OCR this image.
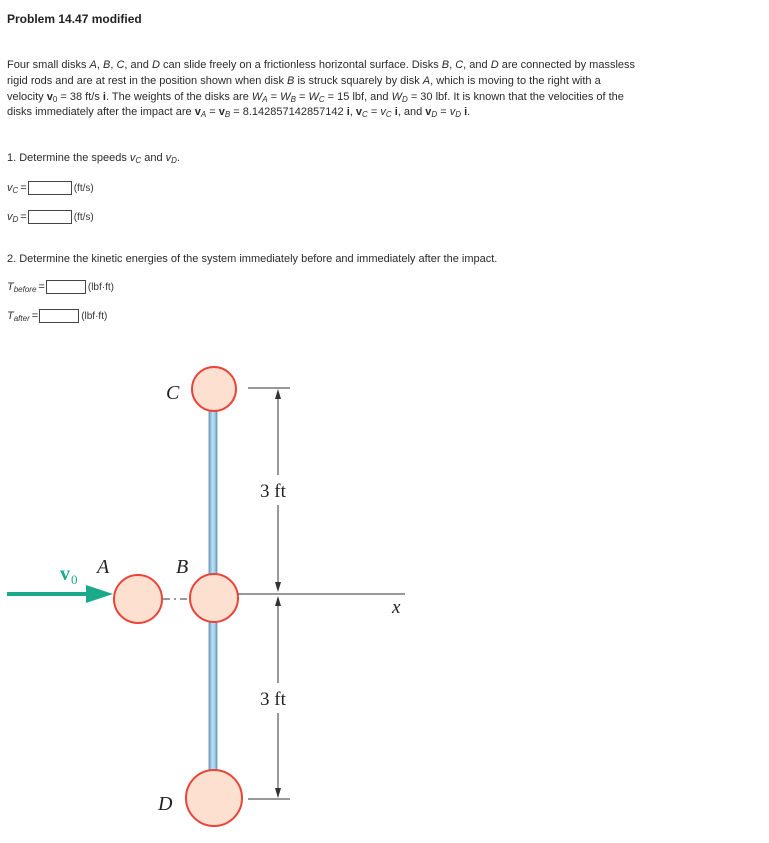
Problem 14.47 modified
Four small disks A, B, C, and D can slide freely on a frictionless horizontal surface. Disks B, C, and D are connected by massless rigid rods and are at rest in the position shown when disk B is struck squarely by disk A, which is moving to the right with a velocity $v_0 = 38$ ft/s i. The weights of the disks are $W_A = W_B = W_C = 15$ lbf, and $W_D = 30$ lbf. It is known that the velocities of the disks immediately after the impact are $v_A = v_B = 8.142857142857142$ i, $v_C = v_C$ i, and $v_D = v_D$ i.
1. Determine the speeds $v_C$ and $v_D$.
$v_C$ =	(ft/s)
$v_D$ =	(ft/s)
2. Determine the kinetic energies of the system immediately before and immediately after the impact.
$T_{before}$ =	(lbf·ft)
$T_{after}$ =	(lbf·ft)
C
B
A
D
v 0
3 ft
3 ft
x
